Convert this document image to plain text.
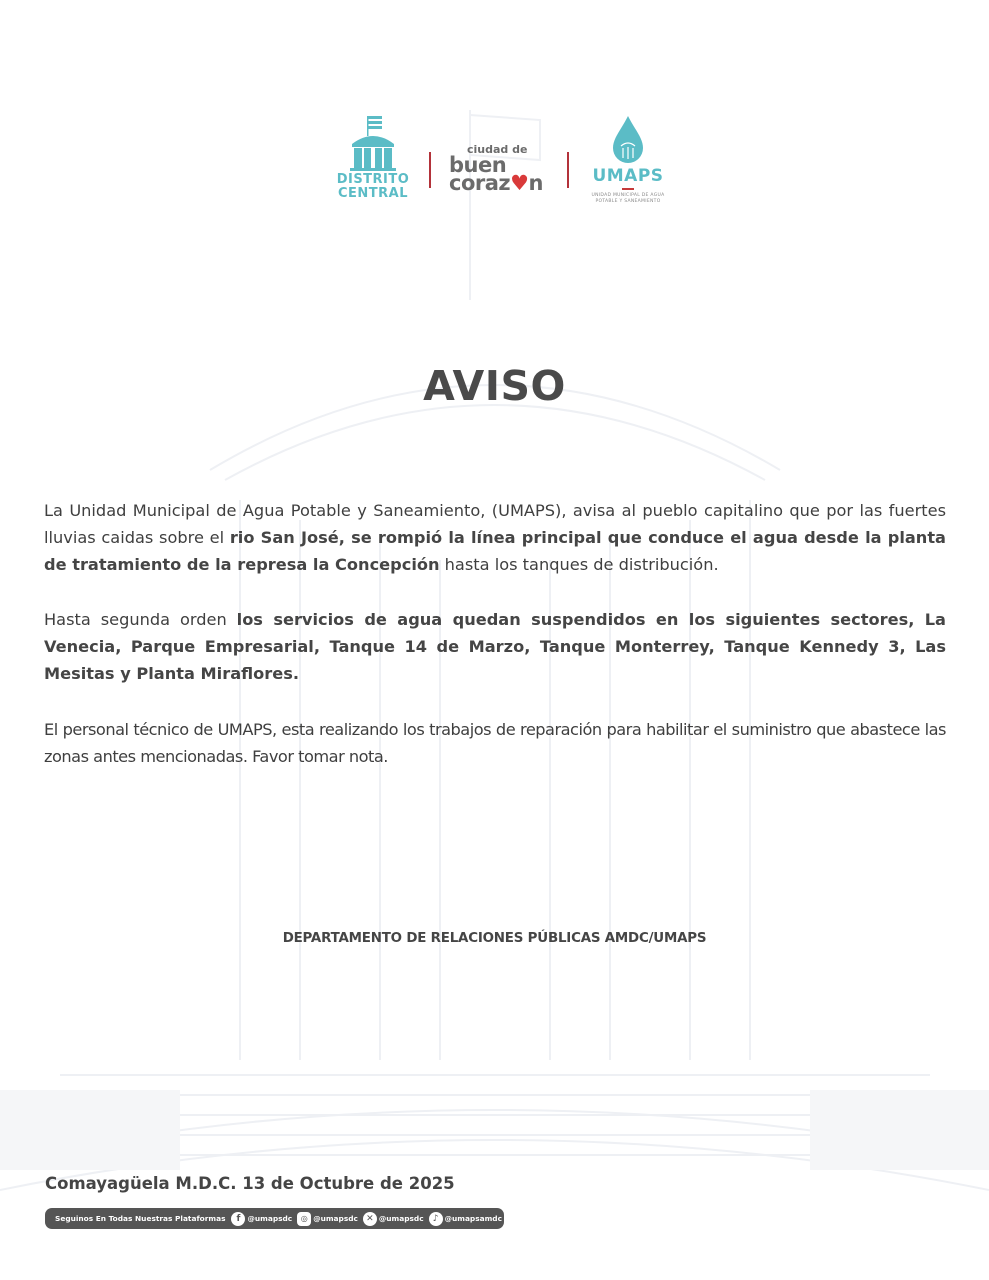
DISTRITO
CENTRAL
ciudad de
buen
coraz♥n	UMAPS
UNIDAD MUNICIPAL DE AGUA
POTABLE Y SANEAMIENTO
AVISO
La Unidad Municipal de Agua Potable y Saneamiento, (UMAPS), avisa al pueblo capitalino que por las fuertes lluvias caidas sobre el rio San José, se rompió la línea principal que conduce el agua desde la planta de tratamiento de la represa la Concepción hasta los tanques de distribución.
Hasta segunda orden los servicios de agua quedan suspendidos en los siguientes sectores, La Venecia, Parque Empresarial, Tanque 14 de Marzo, Tanque Monterrey, Tanque Kennedy 3, Las Mesitas y Planta Miraflores.
El personal técnico de UMAPS, esta realizando los trabajos de reparación para habilitar el suministro que abastece las zonas antes mencionadas. Favor tomar nota.
DEPARTAMENTO DE RELACIONES PÚBLICAS AMDC/UMAPS
Comayagüela M.D.C. 13 de Octubre de 2025
Seguinos En Todas Nuestras Plataformas	f @umapsdc	◎ @umapsdc ✕ @umapsdc	♪ @umapsamdc
